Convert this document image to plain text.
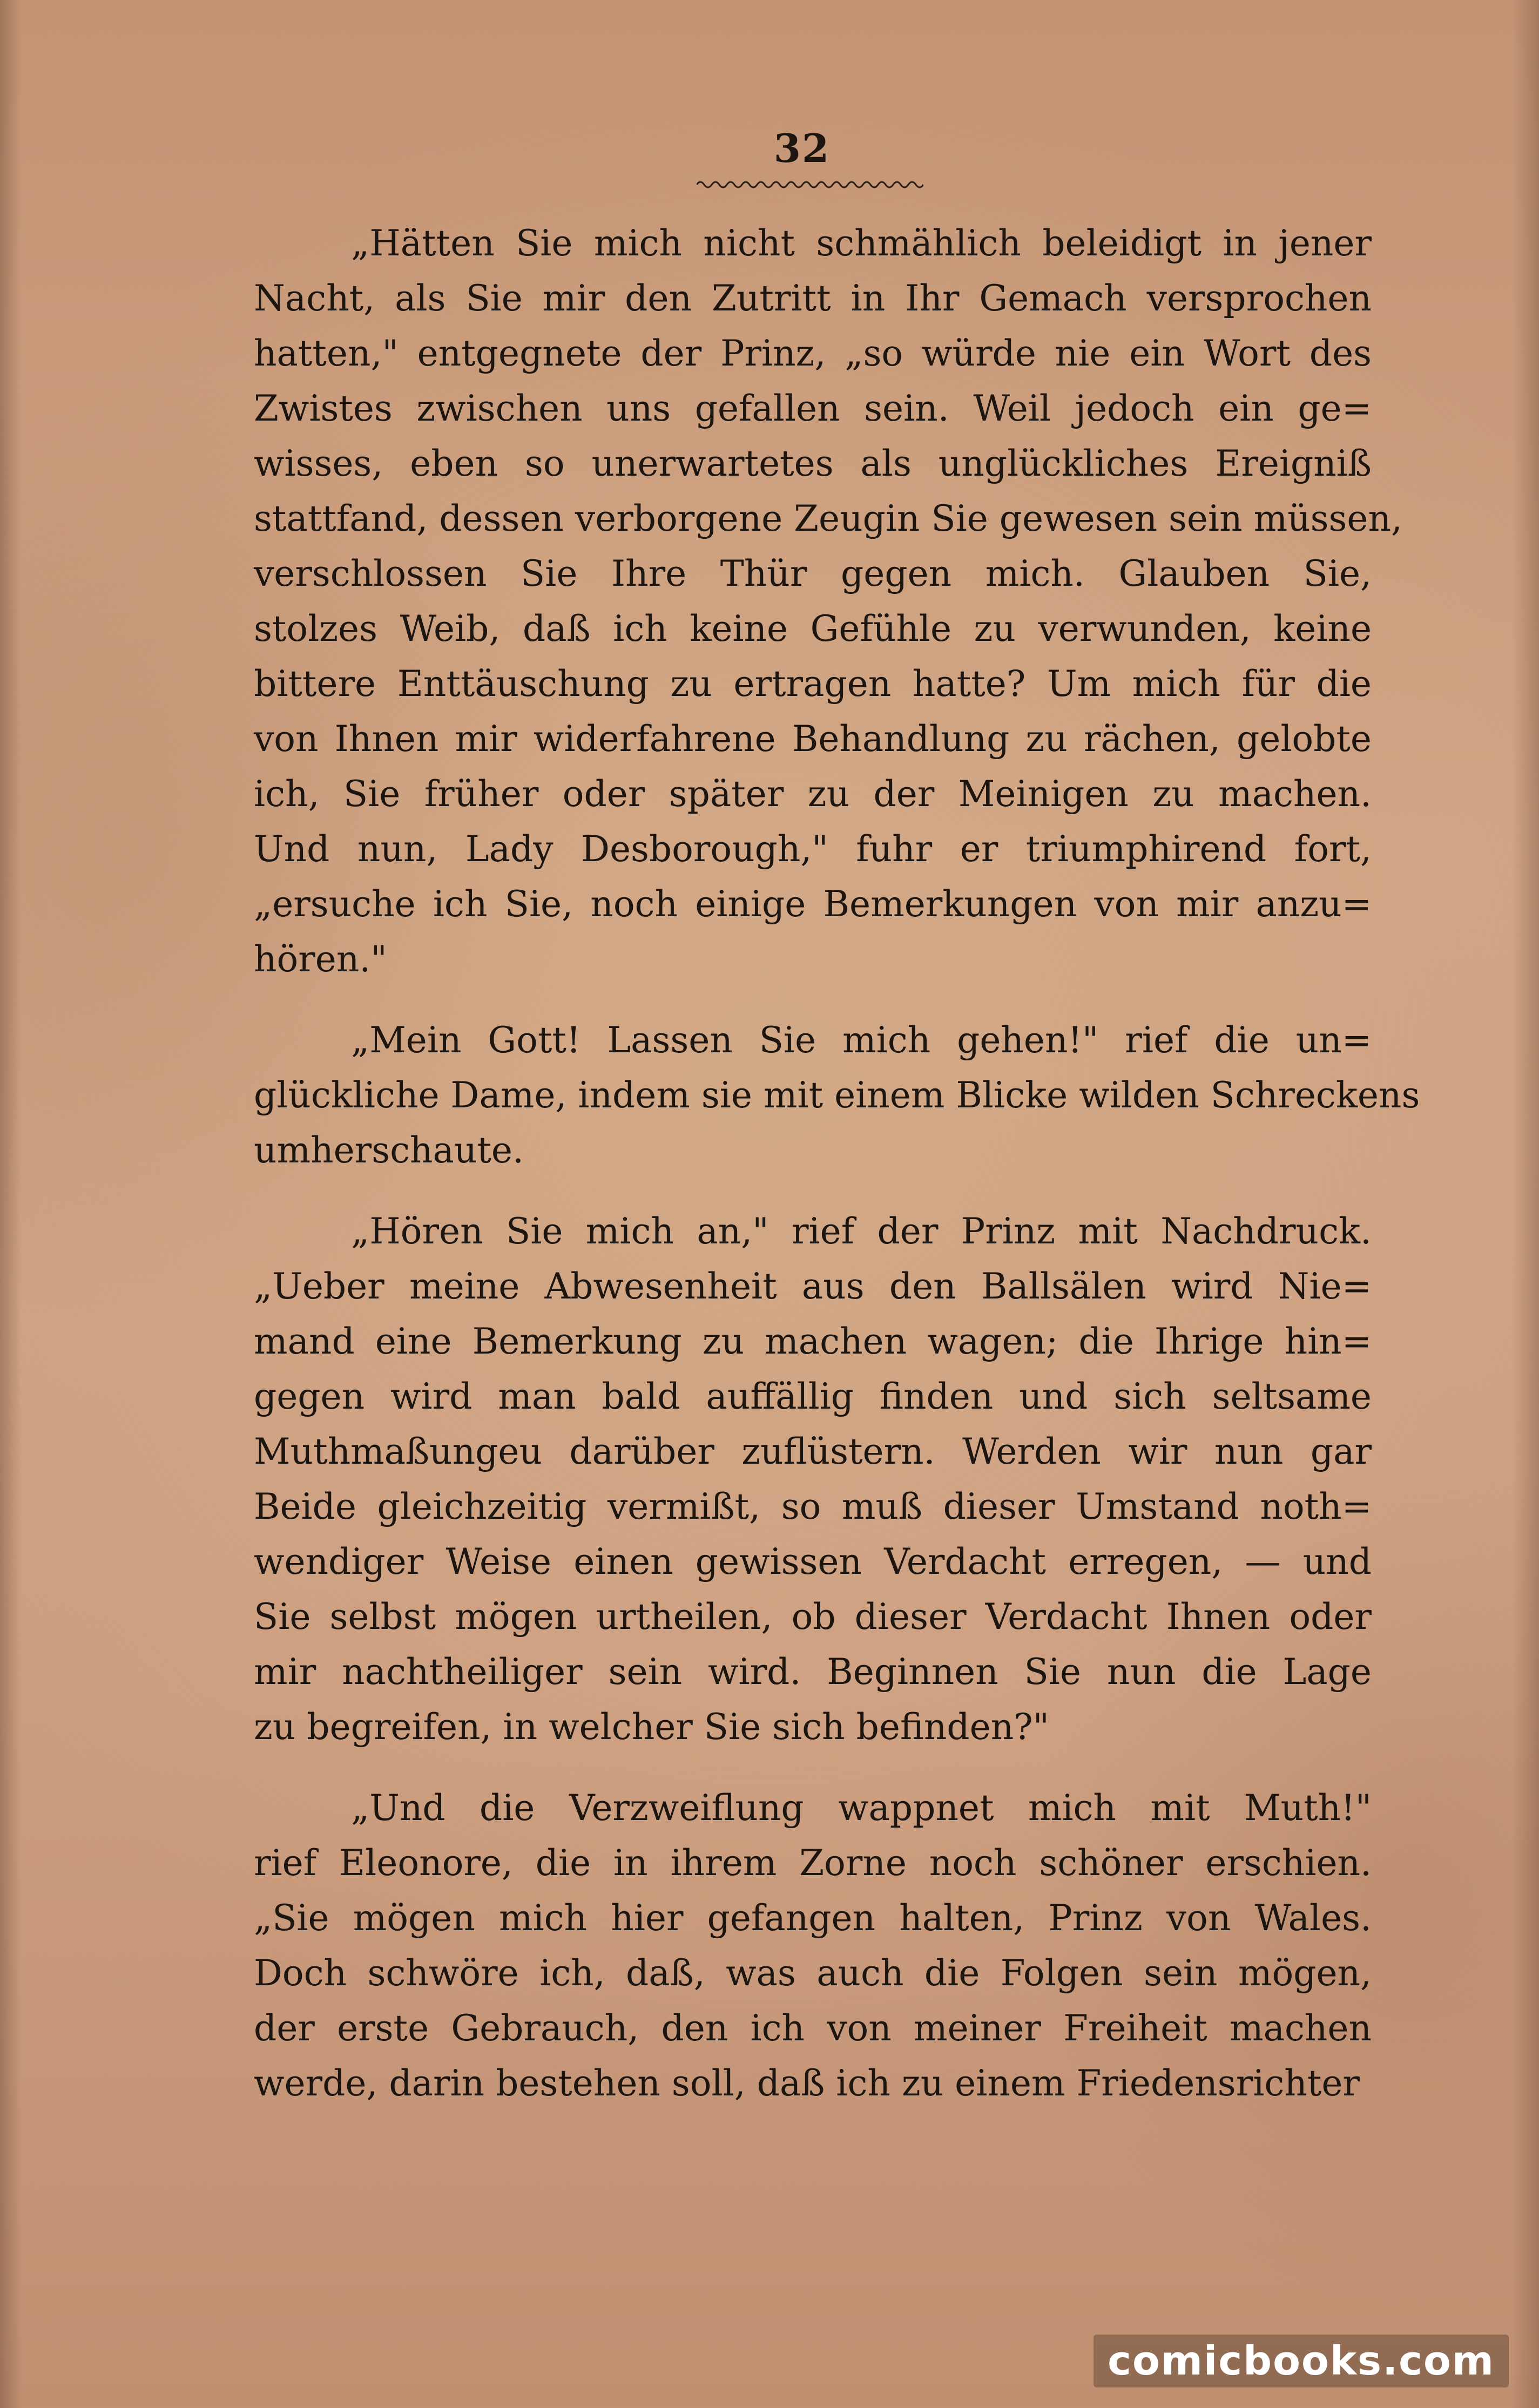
32
„Hätten Sie mich nicht schmählich beleidigt in jener
Nacht, als Sie mir den Zutritt in Ihr Gemach versprochen
hatten," entgegnete der Prinz, „so würde nie ein Wort des
Zwistes zwischen uns gefallen sein. Weil jedoch ein ge=
wisses, eben so unerwartetes als unglückliches Ereigniß
stattfand, dessen verborgene Zeugin Sie gewesen sein müssen,
verschlossen Sie Ihre Thür gegen mich. Glauben Sie,
stolzes Weib, daß ich keine Gefühle zu verwunden, keine
bittere Enttäuschung zu ertragen hatte? Um mich für die
von Ihnen mir widerfahrene Behandlung zu rächen, gelobte
ich, Sie früher oder später zu der Meinigen zu machen.
Und nun, Lady Desborough," fuhr er triumphirend fort,
„ersuche ich Sie, noch einige Bemerkungen von mir anzu=
hören."
„Mein Gott! Lassen Sie mich gehen!" rief die un=
glückliche Dame, indem sie mit einem Blicke wilden Schreckens
umherschaute.
„Hören Sie mich an," rief der Prinz mit Nachdruck.
„Ueber meine Abwesenheit aus den Ballsälen wird Nie=
mand eine Bemerkung zu machen wagen; die Ihrige hin=
gegen wird man bald auffällig finden und sich seltsame
Muthmaßungeu darüber zuflüstern. Werden wir nun gar
Beide gleichzeitig vermißt, so muß dieser Umstand noth=
wendiger Weise einen gewissen Verdacht erregen, — und
Sie selbst mögen urtheilen, ob dieser Verdacht Ihnen oder
mir nachtheiliger sein wird. Beginnen Sie nun die Lage
zu begreifen, in welcher Sie sich befinden?"
„Und die Verzweiflung wappnet mich mit Muth!"
rief Eleonore, die in ihrem Zorne noch schöner erschien.
„Sie mögen mich hier gefangen halten, Prinz von Wales.
Doch schwöre ich, daß, was auch die Folgen sein mögen,
der erste Gebrauch, den ich von meiner Freiheit machen
werde, darin bestehen soll, daß ich zu einem Friedensrichter
comicbooks.com
